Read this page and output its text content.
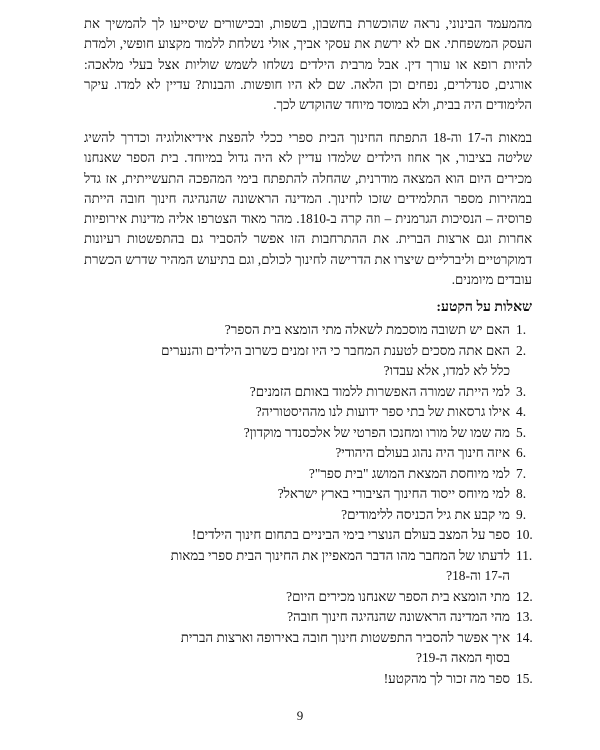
מהמעמד הבינוני, נראה שהוכשרת בחשבון, בשפות, ובכישורים שיסייעו לך להמשיך את העסק המשפחתי. אם לא ירשת את עסקי אביך, אולי נשלחת ללמוד מקצוע חופשי, ולמדת להיות רופא או עורך דין. אבל מרבית הילדים נשלחו לשמש שוליות אצל בעלי מלאכה: אורגים, סנדלרים, נפחים וכן הלאה. שם לא היו חופשות. והבנות? עדיין לא למדו. עיקר הלימודים היה בבית, ולא במוסד מיוחד שהוקדש לכך.

במאות ה-17 וה-18 התפתח החינוך הבית ספרי ככלי להפצת אידיאולוגיה וכדרך להשיג שליטה בציבור, אך אחוז הילדים שלמדו עדיין לא היה גדול במיוחד. בית הספר שאנחנו מכירים היום הוא המצאה מודרנית, שהחלה להתפתח בימי המהפכה התעשייתית, אז גדל במהירות מספר התלמידים שזכו לחינוך. המדינה הראשונה שהנהיגה חינוך חובה הייתה פרוסיה – הנסיכות הגרמנית – וזה קרה ב-1810. מהר מאוד הצטרפו אליה מדינות אירופיות אחרות וגם ארצות הברית. את ההתרחבות הזו אפשר להסביר גם בהתפשטות רעיונות דמוקרטיים וליברליים שיצרו את הדרישה לחינוך לכולם, וגם בתיעוש המהיר שדרש הכשרת עובדים מיומנים.

שאלות על הקטע:
1.
האם יש תשובה מוסכמת לשאלה מתי הומצא בית הספר?
2.
האם אתה מסכים לטענת המחבר כי היו זמנים כשרוב הילדים והנערים
כלל לא למדו, אלא עבדו?
3.
למי הייתה שמורה האפשרות ללמוד באותם הזמנים?
4.
אילו גרסאות של בתי ספר ידועות לנו מההיסטוריה?
5.
מה שמו של מורו ומחנכו הפרטי של אלכסנדר מוקדון?
6.
איזה חינוך היה נהוג בעולם היהודי?
7.
למי מיוחסת המצאת המושג "בית ספר"?
8.
למי מיוחס ייסוד החינוך הציבורי בארץ ישראל?
9.
מי קבע את גיל הכניסה ללימודים?
10.
ספר על המצב בעולם הנוצרי בימי הביניים בתחום חינוך הילדים!
11.
לדעתו של המחבר מהו הדבר המאפיין את החינוך הבית ספרי במאות
ה-17 וה-18?
12.
מתי הומצא בית הספר שאנחנו מכירים היום?
13.
מהי המדינה הראשונה שהנהיגה חינוך חובה?
14.
איך אפשר להסביר התפשטות חינוך חובה באירופה וארצות הברית
בסוף המאה ה-19?
15.
ספר מה זכור לך מהקטע!
9
